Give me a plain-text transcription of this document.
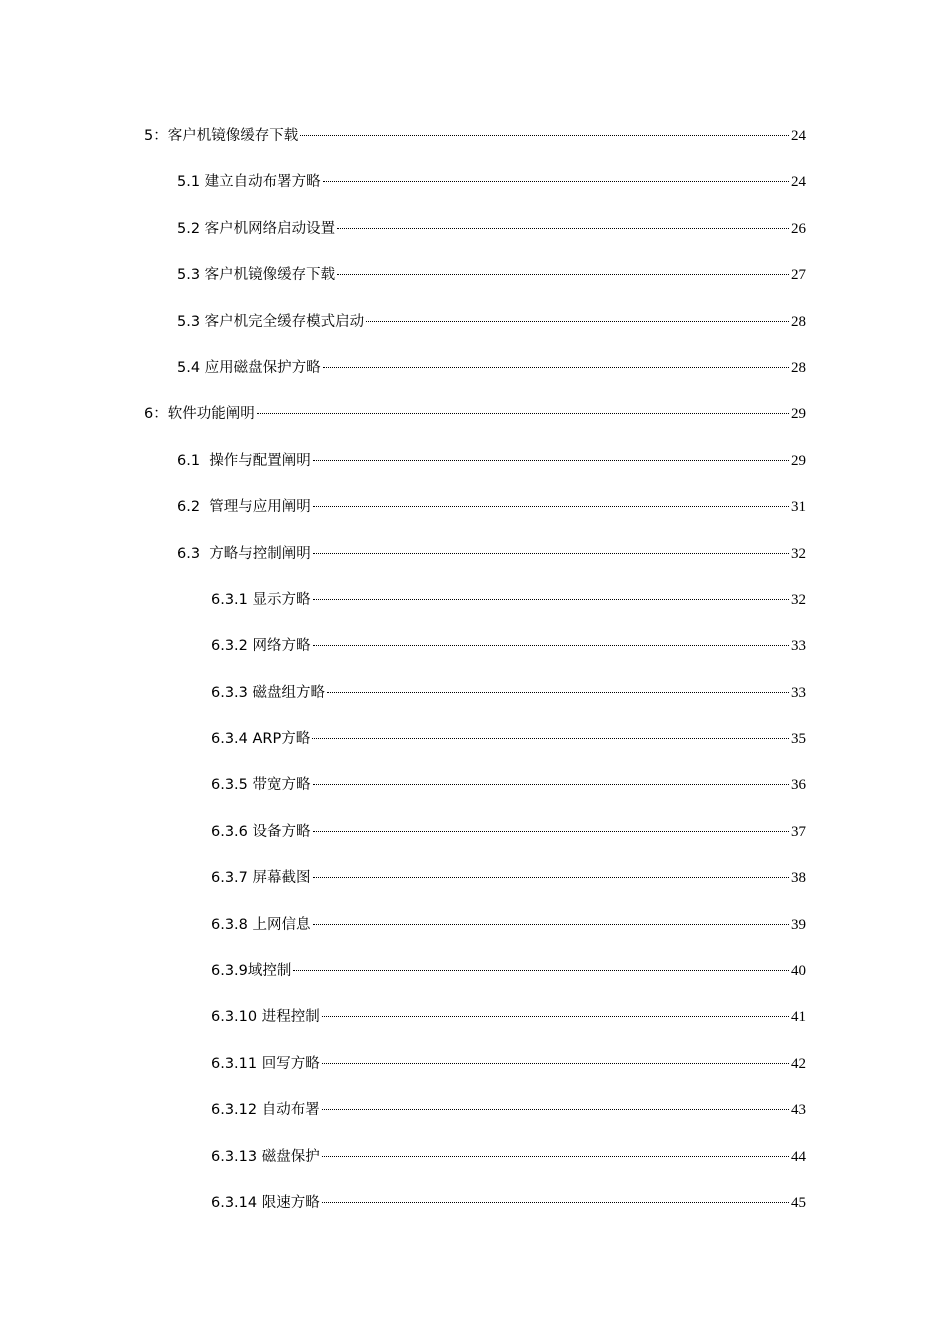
5：客户机镜像缓存下载	24
5.1 建立自动布署方略	24
5.2 客户机网络启动设置	26
5.3 客户机镜像缓存下载	27
5.3 客户机完全缓存模式启动	28
5.4 应用磁盘保护方略	28
6：软件功能阐明	29
6.1  操作与配置阐明	29
6.2  管理与应用阐明	31
6.3  方略与控制阐明	32
6.3.1 显示方略	32
6.3.2 网络方略	33
6.3.3 磁盘组方略	33
6.3.4 ARP方略	35
6.3.5 带宽方略	36
6.3.6 设备方略	37
6.3.7 屏幕截图	38
6.3.8 上网信息	39
6.3.9域控制	40
6.3.10 进程控制	41
6.3.11 回写方略	42
6.3.12 自动布署	43
6.3.13 磁盘保护	44
6.3.14 限速方略	45
